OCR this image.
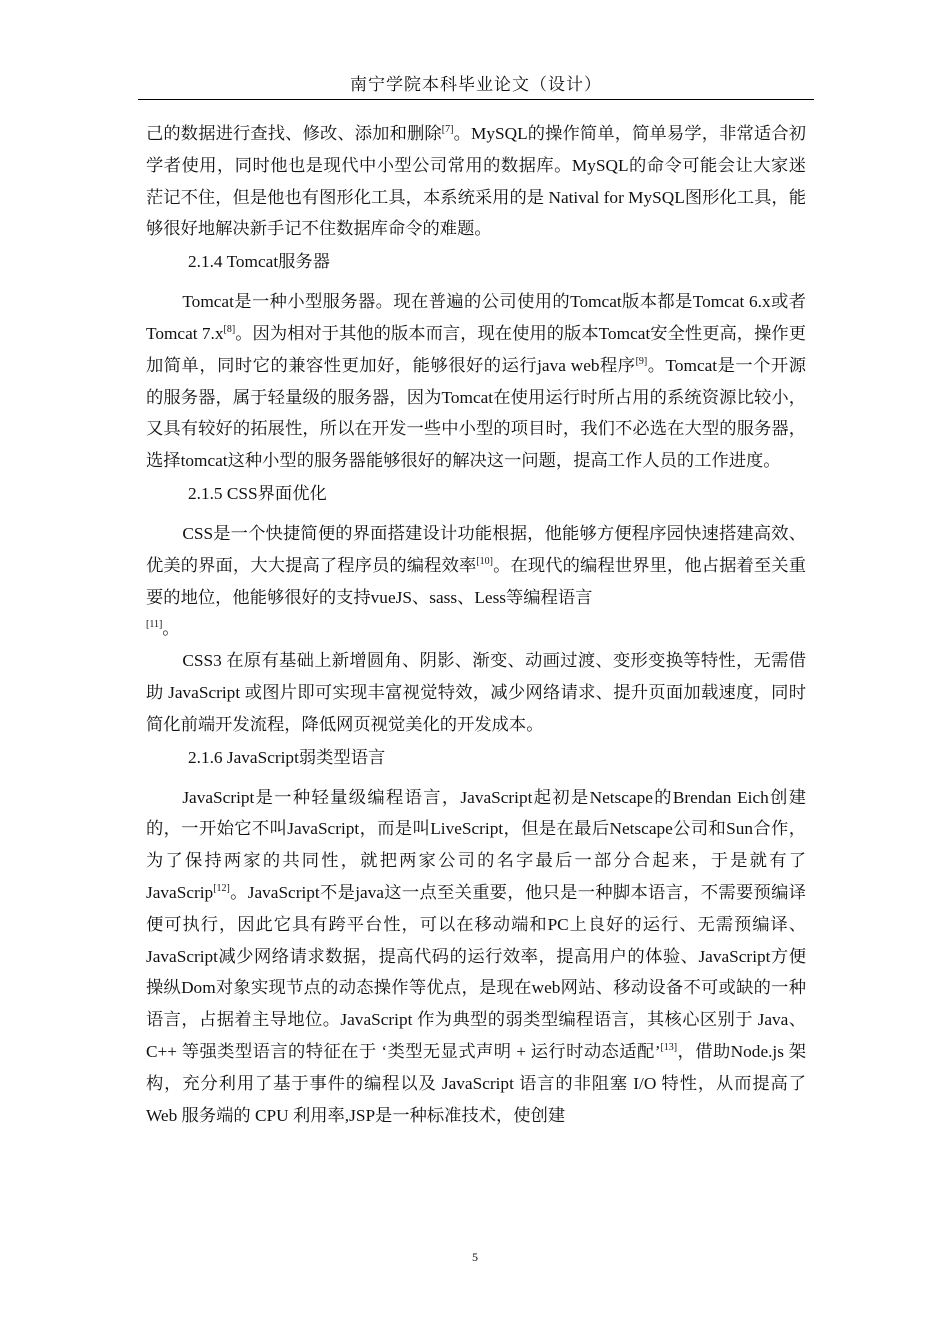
南宁学院本科毕业论文（设计）

己的数据进行查找、修改、添加和删除[7]。MySQL的操作简单，简单易学，非常适合初学者使用，同时他也是现代中小型公司常用的数据库。MySQL的命令可能会让大家迷茫记不住，但是他也有图形化工具，本系统采用的是 Natival for MySQL图形化工具，能够很好地解决新手记不住数据库命令的难题。

2.1.4 Tomcat服务器

Tomcat是一种小型服务器。现在普遍的公司使用的Tomcat版本都是Tomcat 6.x或者Tomcat 7.x[8]。因为相对于其他的版本而言，现在使用的版本Tomcat安全性更高，操作更加简单，同时它的兼容性更加好，能够很好的运行java web程序[9]。Tomcat是一个开源的服务器，属于轻量级的服务器，因为Tomcat在使用运行时所占用的系统资源比较小，又具有较好的拓展性，所以在开发一些中小型的项目时，我们不必选在大型的服务器，选择tomcat这种小型的服务器能够很好的解决这一问题，提高工作人员的工作进度。

2.1.5 CSS界面优化

CSS是一个快捷简便的界面搭建设计功能根据，他能够方便程序园快速搭建高效、优美的界面，大大提高了程序员的编程效率[10]。在现代的编程世界里，他占据着至关重要的地位，他能够很好的支持vueJS、sass、Less等编程语言
[11]。

CSS3 在原有基础上新增圆角、阴影、渐变、动画过渡、变形变换等特性，无需借助 JavaScript 或图片即可实现丰富视觉特效，减少网络请求、提升页面加载速度，同时简化前端开发流程，降低网页视觉美化的开发成本。

2.1.6 JavaScript弱类型语言

JavaScript是一种轻量级编程语言，JavaScript起初是Netscape的Brendan Eich创建的，一开始它不叫JavaScript，而是叫LiveScript，但是在最后Netscape公司和Sun合作，为了保持两家的共同性，就把两家公司的名字最后一部分合起来，于是就有了JavaScrip[12]。JavaScript不是java这一点至关重要，他只是一种脚本语言，不需要预编译便可执行，因此它具有跨平台性，可以在移动端和PC上良好的运行、无需预编译、JavaScript减少网络请求数据，提高代码的运行效率，提高用户的体验、JavaScript方便操纵Dom对象实现节点的动态操作等优点，是现在web网站、移动设备不可或缺的一种语言，占据着主导地位。JavaScript 作为典型的弱类型编程语言，其核心区别于 Java、C++ 等强类型语言的特征在于 ‘类型无显式声明 + 运行时动态适配’[13]，借助Node.js 架构，充分利用了基于事件的编程以及 JavaScript 语言的非阻塞 I/O 特性，从而提高了 Web 服务端的 CPU 利用率,JSP是一种标准技术，使创建

5
